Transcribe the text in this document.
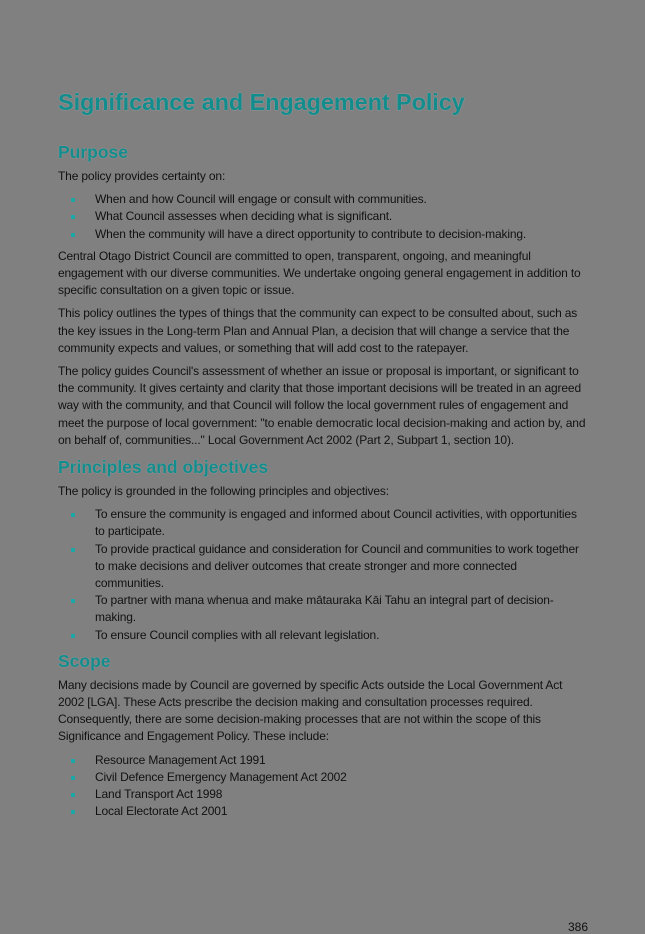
Significance and Engagement Policy
Purpose

The policy provides certainty on:

When and how Council will engage or consult with communities.
What Council assesses when deciding what is significant.
When the community will have a direct opportunity to contribute to decision-making.

Central Otago District Council are committed to open, transparent, ongoing, and meaningful engagement with our diverse communities. We undertake ongoing general engagement in addition to specific consultation on a given topic or issue.

This policy outlines the types of things that the community can expect to be consulted about, such as the key issues in the Long-term Plan and Annual Plan, a decision that will change a service that the community expects and values, or something that will add cost to the ratepayer.

The policy guides Council's assessment of whether an issue or proposal is important, or significant to the community. It gives certainty and clarity that those important decisions will be treated in an agreed way with the community, and that Council will follow the local government rules of engagement and meet the purpose of local government: "to enable democratic local decision-making and action by, and on behalf of, communities..." Local Government Act 2002 (Part 2, Subpart 1, section 10).

Principles and objectives

The policy is grounded in the following principles and objectives:

To ensure the community is engaged and informed about Council activities, with opportunities to participate.
To provide practical guidance and consideration for Council and communities to work together to make decisions and deliver outcomes that create stronger and more connected communities.
To partner with mana whenua and make mātauraka Kāi Tahu an integral part of decision-making.
To ensure Council complies with all relevant legislation.
Scope

Many decisions made by Council are governed by specific Acts outside the Local Government Act 2002 [LGA]. These Acts prescribe the decision making and consultation processes required. Consequently, there are some decision-making processes that are not within the scope of this Significance and Engagement Policy. These include:

Resource Management Act 1991
Civil Defence Emergency Management Act 2002
Land Transport Act 1998
Local Electorate Act 2001
386
